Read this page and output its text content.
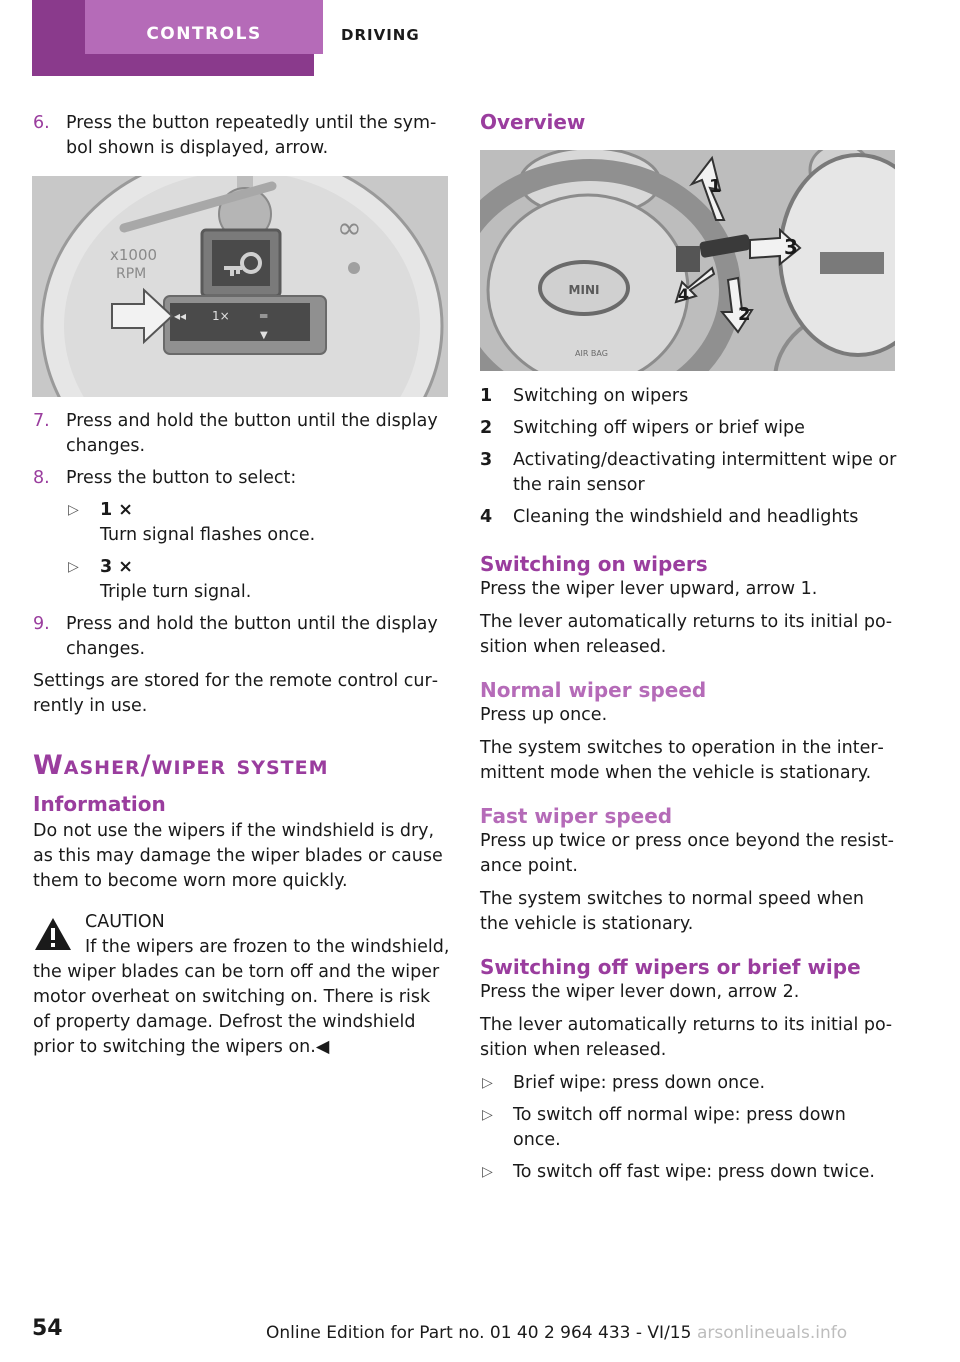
CONTROLS	DRIVING
6. Press the button repeatedly until the sym‐bol shown is displayed, arrow.
x1000
RPM
∞
◂◂ 1×	═
▼
7. Press and hold the button until the display changes.
8. Press the button to select:
▷ 1 ⨯
Turn signal flashes once.
▷ 3 ⨯
Triple turn signal.
9. Press and hold the button until the display changes.
Settings are stored for the remote control cur‐rently in use.
Washer/wiper system
Information
Do not use the wipers if the windshield is dry, as this may damage the wiper blades or cause them to become worn more quickly.
CAUTION
If the wipers are frozen to the windshield, the wiper blades can be torn off and the wiper motor overheat on switching on. There is risk of property damage. Defrost the windshield prior to switching the wipers on.◀
Overview
MINI
AIR BAG
1
3
2
4
1 Switching on wipers
2 Switching off wipers or brief wipe
3 Activating/deactivating intermittent wipe or the rain sensor
4 Cleaning the windshield and headlights
Switching on wipers
Press the wiper lever upward, arrow 1.
The lever automatically returns to its initial po‐sition when released.
Normal wiper speed
Press up once.
The system switches to operation in the inter‐mittent mode when the vehicle is stationary.
Fast wiper speed
Press up twice or press once beyond the resist‐ance point.
The system switches to normal speed when the vehicle is stationary.
Switching off wipers or brief wipe
Press the wiper lever down, arrow 2.
The lever automatically returns to its initial po‐sition when released.
▷ Brief wipe: press down once.
▷ To switch off normal wipe: press down once.
▷ To switch off fast wipe: press down twice.
54	Online Edition for Part no. 01 40 2 964 433 - VI/15 arsonlineuals.info
